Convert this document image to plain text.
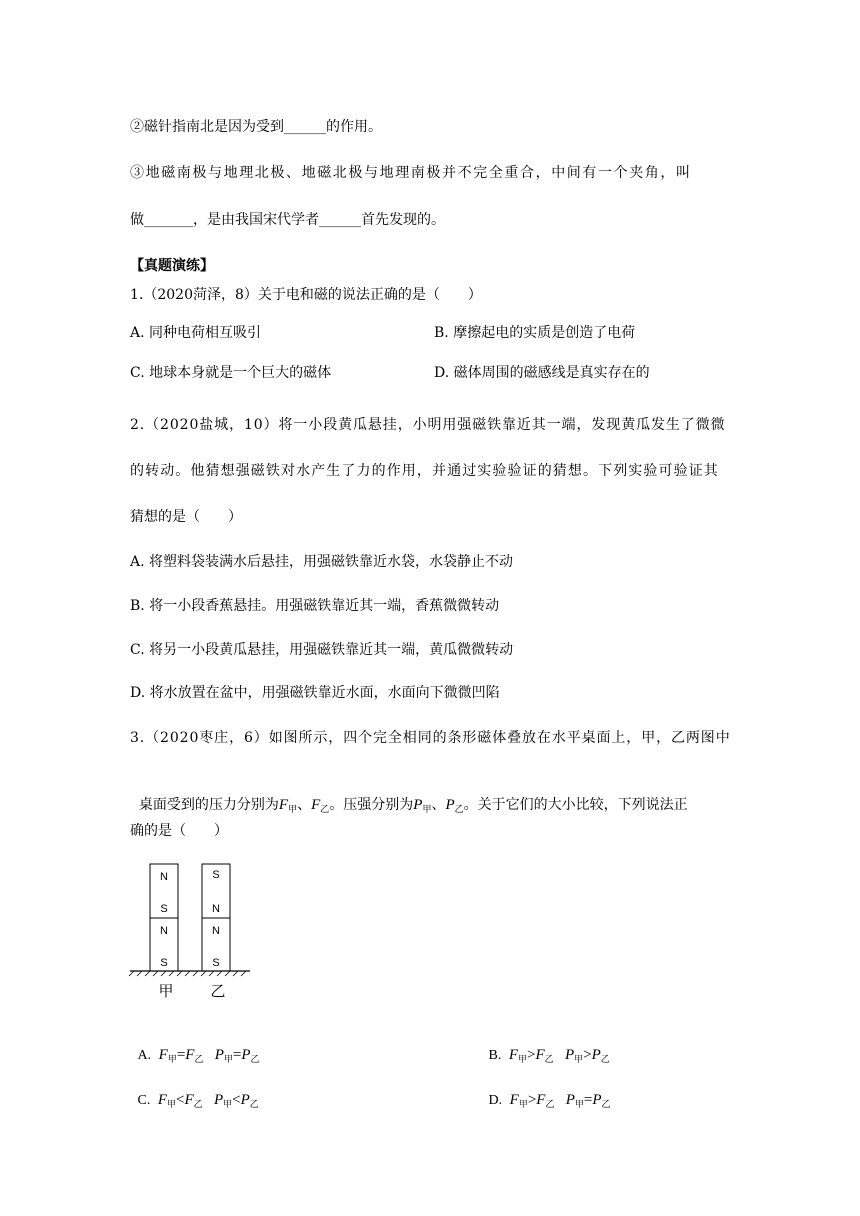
②磁针指南北是因为受到______的作用。
③地磁南极与地理北极、地磁北极与地理南极并不完全重合，中间有一个夹角，叫
做_______，是由我国宋代学者______首先发现的。
【真题演练】
1.（2020菏泽，8）关于电和磁的说法正确的是（　　）
A. 同种电荷相互吸引	B. 摩擦起电的实质是创造了电荷
C. 地球本身就是一个巨大的磁体	D. 磁体周围的磁感线是真实存在的
2.（2020盐城，10）将一小段黄瓜悬挂，小明用强磁铁靠近其一端，发现黄瓜发生了微微
的转动。他猜想强磁铁对水产生了力的作用，并通过实验验证的猜想。下列实验可验证其
猜想的是（　　）
A. 将塑料袋装满水后悬挂，用强磁铁靠近水袋，水袋静止不动
B. 将一小段香蕉悬挂。用强磁铁靠近其一端，香蕉微微转动
C. 将另一小段黄瓜悬挂，用强磁铁靠近其一端，黄瓜微微转动
D. 将水放置在盆中，用强磁铁靠近水面，水面向下微微凹陷
3.（2020枣庄，6）如图所示，四个完全相同的条形磁体叠放在水平桌面上，甲，乙两图中

桌面受到的压力分别为$F_甲$、$F_乙$。压强分别为$P_甲$、$P_乙$。关于它们的大小比较，下列说法正

确的是（　　）
N
S
N
S
S
N
N
S
甲 乙

A. $F_甲=F_乙$ $P_甲=P_乙$	B. $F_甲>F_乙$ $P_甲>P_乙$

C. $F_甲<F_乙$ $P_甲<P_乙$	D. $F_甲>F_乙$ $P_甲=P_乙$
